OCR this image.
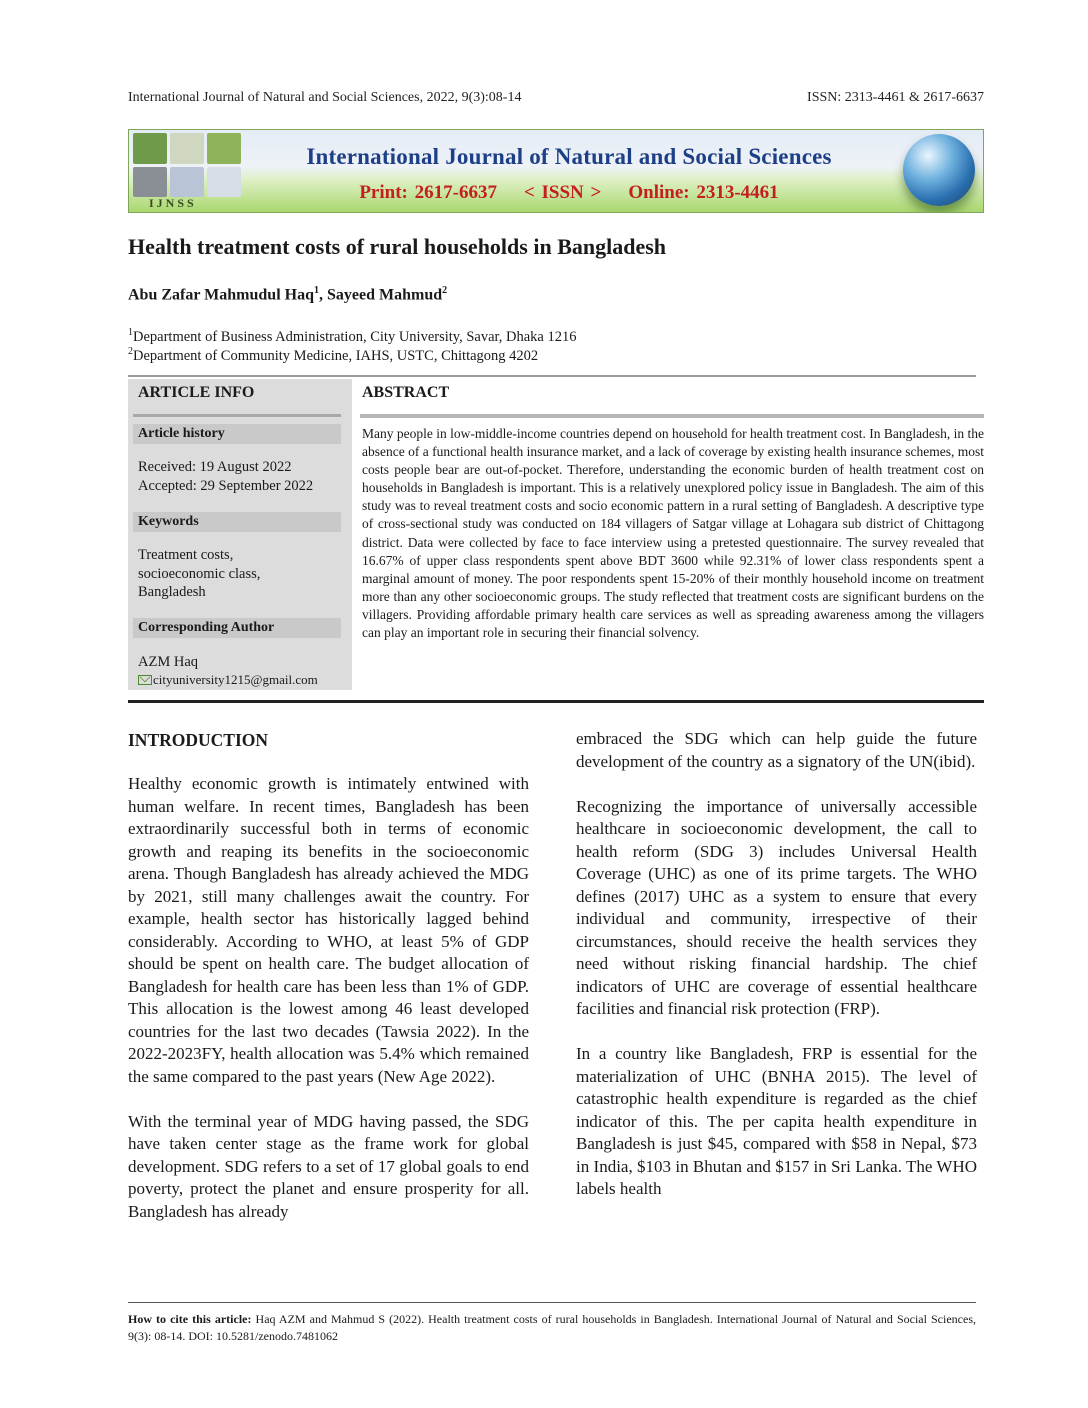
International Journal of Natural and Social Sciences, 2022, 9(3):08-14	ISSN: 2313-4461 & 2617-6637
IJNSS
International Journal of Natural and Social Sciences
Print: 2617-6637    < ISSN >    Online: 2313-4461
Health treatment costs of rural households in Bangladesh
Abu Zafar Mahmudul Haq$^1$, Sayeed Mahmud$^2$
$^1$Department of Business Administration, City University, Savar, Dhaka 1216
$^2$Department of Community Medicine, IAHS, USTC, Chittagong 4202
ARTICLE INFO
Article history
Received: 19 August 2022
Accepted: 29 September 2022
Keywords
Treatment costs,
socioeconomic class,
Bangladesh
Corresponding Author
AZM Haq
cityuniversity1215@gmail.com
ABSTRACT
Many people in low-middle-income countries depend on household for health treatment cost. In Bangladesh, in the absence of a functional health insurance market, and a lack of coverage by existing health insurance schemes, most costs people bear are out-of-pocket. Therefore, understanding the economic burden of health treatment cost on households in Bangladesh is important. This is a relatively unexplored policy issue in Bangladesh. The aim of this study was to reveal treatment costs and socio economic pattern in a rural setting of Bangladesh. A descriptive type of cross-sectional study was conducted on 184 villagers of Satgar village at Lohagara sub district of Chittagong district. Data were collected by face to face interview using a pretested questionnaire. The survey revealed that 16.67% of upper class respondents spent above BDT 3600 while 92.31% of lower class respondents spent a marginal amount of money. The poor respondents spent 15-20% of their monthly household income on treatment more than any other socioeconomic groups. The study reflected that treatment costs are significant burdens on the villagers. Providing affordable primary health care services as well as spreading awareness among the villagers can play an important role in securing their financial solvency.
INTRODUCTION

Healthy economic growth is intimately entwined with human welfare. In recent times, Bangladesh has been extraordinarily successful both in terms of economic growth and reaping its benefits in the socioeconomic arena. Though Bangladesh has already achieved the MDG by 2021, still many challenges await the country. For example, health sector has historically lagged behind considerably. According to WHO, at least 5% of GDP should be spent on health care. The budget allocation of Bangladesh for health care has been less than 1% of GDP. This allocation is the lowest among 46 least developed countries for the last two decades (Tawsia 2022). In the 2022-2023FY, health allocation was 5.4% which remained the same compared to the past years (New Age 2022).

With the terminal year of MDG having passed, the SDG have taken center stage as the frame work for global development. SDG refers to a set of 17 global goals to end poverty, protect the planet and ensure prosperity for all. Bangladesh has already

embraced the SDG which can help guide the future development of the country as a signatory of the UN(ibid).

Recognizing the importance of universally accessible healthcare in socioeconomic development, the call to health reform (SDG 3) includes Universal Health Coverage (UHC) as one of its prime targets. The WHO defines (2017) UHC as a system to ensure that every individual and community, irrespective of their circumstances, should receive the health services they need without risking financial hardship. The chief indicators of UHC are coverage of essential healthcare facilities and financial risk protection (FRP).

In a country like Bangladesh, FRP is essential for the materialization of UHC (BNHA 2015). The level of catastrophic health expenditure is regarded as the chief indicator of this. The per capita health expenditure in Bangladesh is just $45, compared with $58 in Nepal, $73 in India, $103 in Bhutan and $157 in Sri Lanka. The WHO labels health

How to cite this article: Haq AZM and Mahmud S (2022). Health treatment costs of rural households in Bangladesh. International Journal of Natural and Social Sciences, 9(3): 08-14. DOI: 10.5281/zenodo.7481062
